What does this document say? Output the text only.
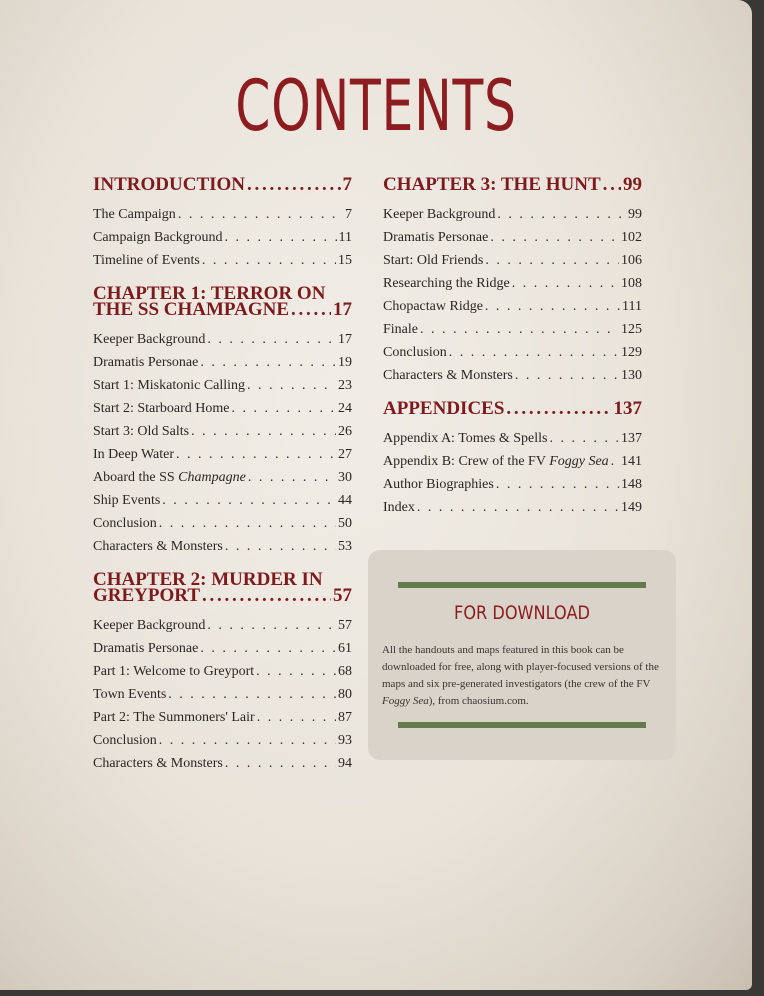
CONTENTS
INTRODUCTION . . .	7
The Campaign . . .	7
Campaign Background . . .	11
Timeline of Events . . .	15
CHAPTER 1: TERROR ON
THE SS CHAMPAGNE . . . 17
Keeper Background . . .	17
Dramatis Personae . . .	19
Start 1: Miskatonic Calling . . .	23
Start 2: Starboard Home . . .	24
Start 3: Old Salts . . .	26
In Deep Water . . .	27
Aboard the SS Champagne . . .	30
Ship Events . . .	44
Conclusion . . .	50
Characters & Monsters . . .	53
CHAPTER 2: MURDER IN
GREYPORT . . .	57
Keeper Background . . .	57
Dramatis Personae . . .	61
Part 1: Welcome to Greyport . . .	68
Town Events . . .	80
Part 2: The Summoners' Lair . . .	87
Conclusion . . .	93
Characters & Monsters . . .	94
CHAPTER 3: THE HUNT . . . 99
Keeper Background . . .	99
Dramatis Personae . . .	102
Start: Old Friends . . .	106
Researching the Ridge . . .	108
Chopactaw Ridge . . .	111
Finale . . .	125
Conclusion . . .	129
Characters & Monsters . . .	130
APPENDICES . . .	137
Appendix A: Tomes & Spells . . .	137
Appendix B: Crew of the FV Foggy Sea . . . 141
Author Biographies . . .	148
Index . . .	149
FOR DOWNLOAD

All the handouts and maps featured in this book can be downloaded for free, along with player-focused versions of the maps and six pre-generated investigators (the crew of the FV Foggy Sea), from chaosium.com.
